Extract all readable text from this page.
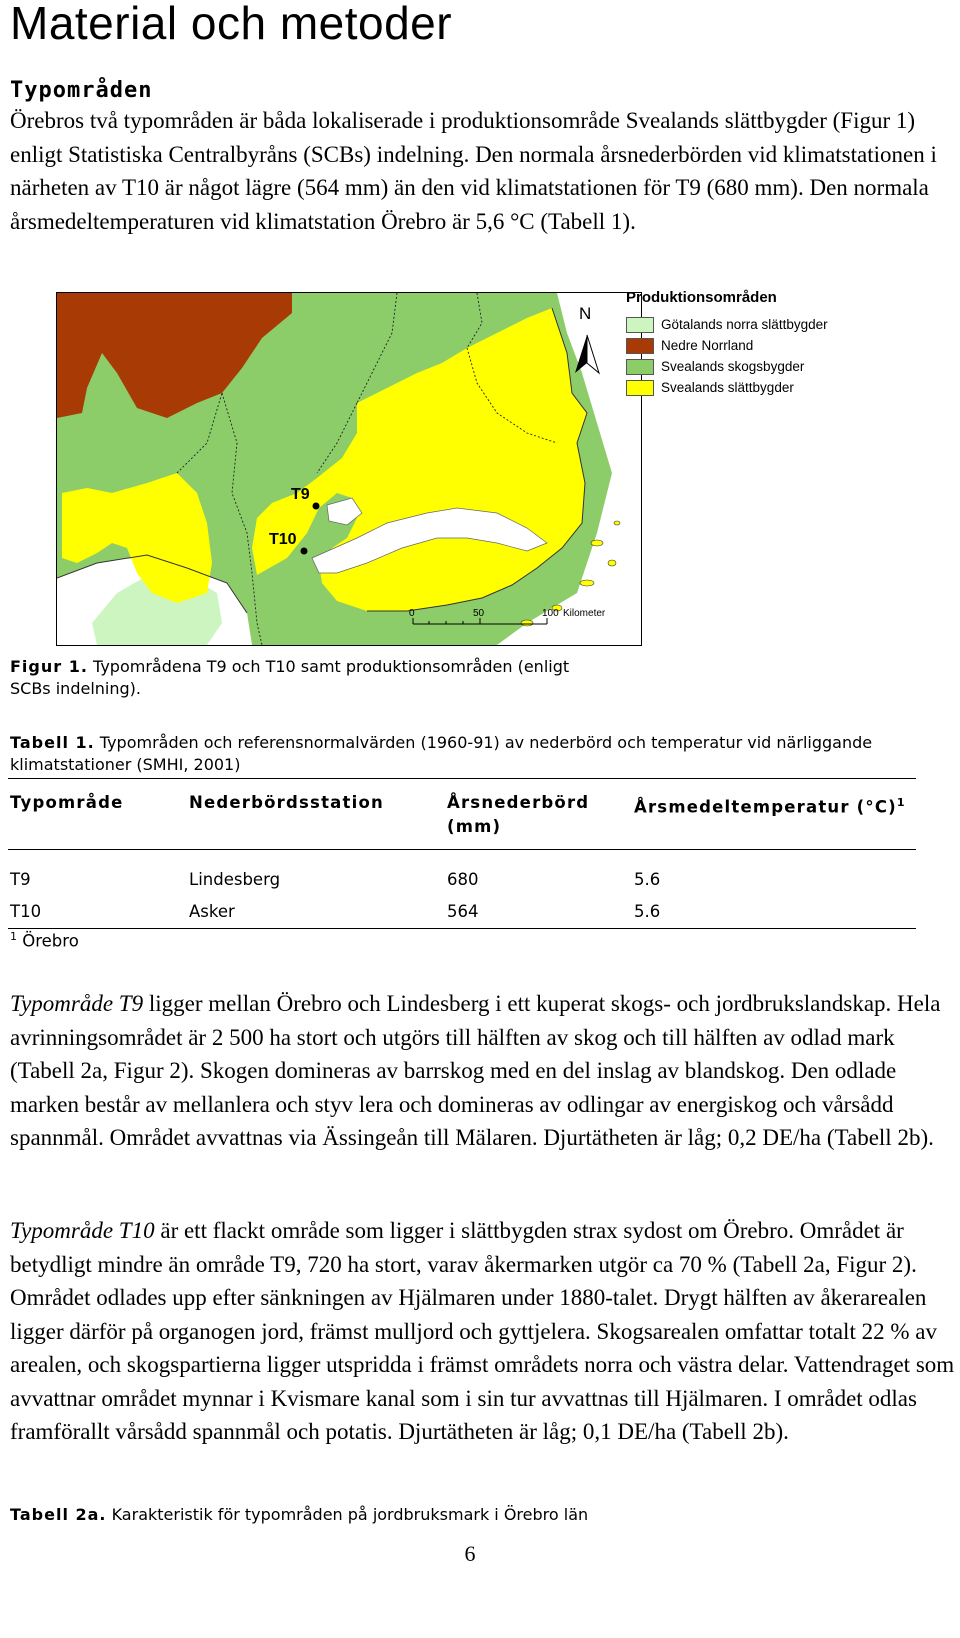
Material och metoder
Typområden

Örebros två typområden är båda lokaliserade i produktionsområde Svealands slättbygder (Figur 1) enligt Statistiska Centralbyråns (SCBs) indelning. Den normala årsnederbörden vid klimatstationen i närheten av T10 är något lägre (564 mm) än den vid klimatstationen för T9 (680 mm). Den normala årsmedeltemperaturen vid klimatstation Örebro är 5,6 °C (Tabell 1).

N
T9
T10
0	50	100 Kilometer
Produktionsområden
Götalands norra slättbygder
Nedre Norrland
Svealands skogsbygder
Svealands slättbygder

Figur 1. Typområdena T9 och T10 samt produktionsområden (enligt SCBs indelning).

Tabell 1. Typområden och referensnormalvärden (1960-91) av nederbörd och temperatur vid närliggande klimatstationer (SMHI, 2001)

Typområde	Nederbördsstation	Årsnederbörd (mm)	Årsmedeltemperatur $(^\circ C)^1$

T9	Lindesberg	680	5.6
T10	Asker	564	5.6
$^1$ Örebro

Typområde T9 ligger mellan Örebro och Lindesberg i ett kuperat skogs- och jordbrukslandskap. Hela avrinningsområdet är 2 500 ha stort och utgörs till hälften av skog och till hälften av odlad mark (Tabell 2a, Figur 2). Skogen domineras av barrskog med en del inslag av blandskog. Den odlade marken består av mellanlera och styv lera och domineras av odlingar av energiskog och vårsådd spannmål. Området avvattnas via Ässingeån till Mälaren. Djurtätheten är låg; 0,2 DE/ha (Tabell 2b).

Typområde T10 är ett flackt område som ligger i slättbygden strax sydost om Örebro. Området är betydligt mindre än område T9, 720 ha stort, varav åkermarken utgör ca 70 % (Tabell 2a, Figur 2). Området odlades upp efter sänkningen av Hjälmaren under 1880-talet. Drygt hälften av åkerarealen ligger därför på organogen jord, främst mulljord och gyttjelera. Skogsarealen omfattar totalt 22 % av arealen, och skogspartierna ligger utspridda i främst områdets norra och västra delar. Vattendraget som avvattnar området mynnar i Kvismare kanal som i sin tur avvattnas till Hjälmaren. I området odlas framförallt vårsådd spannmål och potatis. Djurtätheten är låg; 0,1 DE/ha (Tabell 2b).

Tabell 2a. Karakteristik för typområden på jordbruksmark i Örebro län

6
